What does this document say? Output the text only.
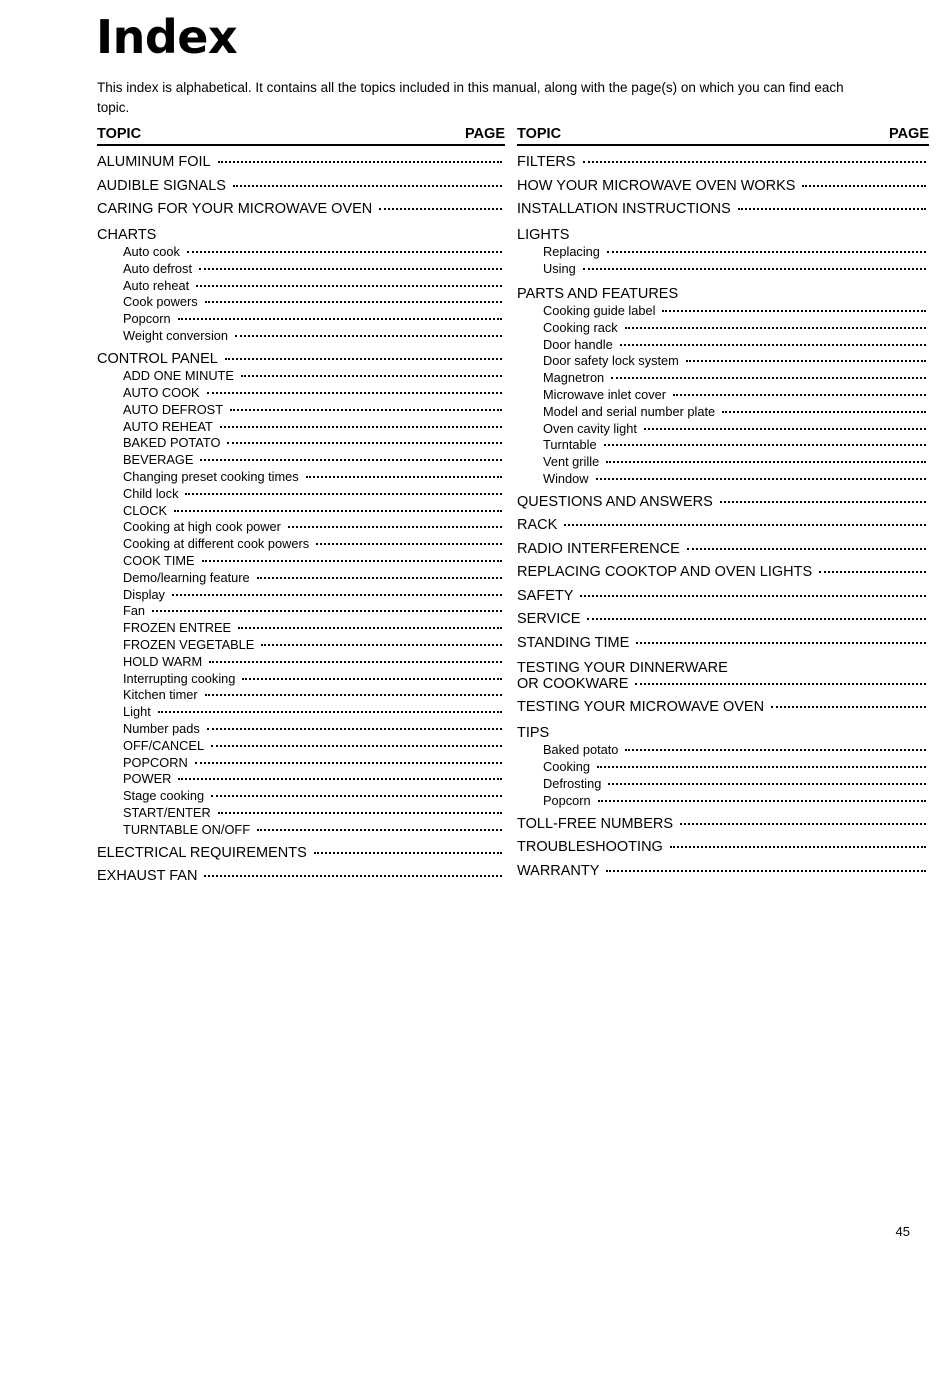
Index
This index is alphabetical. It contains all the topics included in this manual, along with the page(s) on which you can find each topic.
TOPIC	PAGE
ALUMINUM FOIL
AUDIBLE SIGNALS
CARING FOR YOUR MICROWAVE OVEN
CHARTS
Auto cook
Auto defrost
Auto reheat
Cook powers
Popcorn
Weight conversion
CONTROL PANEL
ADD ONE MINUTE
AUTO COOK
AUTO DEFROST
AUTO REHEAT
BAKED POTATO
BEVERAGE
Changing preset cooking times
Child lock
CLOCK
Cooking at high cook power
Cooking at different cook powers
COOK TIME
Demo/learning feature
Display
Fan
FROZEN ENTREE
FROZEN VEGETABLE
HOLD WARM
Interrupting cooking
Kitchen timer
Light
Number pads
OFF/CANCEL
POPCORN
POWER
Stage cooking
START/ENTER
TURNTABLE ON/OFF
ELECTRICAL REQUIREMENTS
EXHAUST FAN
TOPIC	PAGE
FILTERS
HOW YOUR MICROWAVE OVEN WORKS
INSTALLATION INSTRUCTIONS
LIGHTS
Replacing
Using
PARTS AND FEATURES
Cooking guide label
Cooking rack
Door handle
Door safety lock system
Magnetron
Microwave inlet cover
Model and serial number plate
Oven cavity light
Turntable
Vent grille
Window
QUESTIONS AND ANSWERS
RACK
RADIO INTERFERENCE
REPLACING COOKTOP AND OVEN LIGHTS
SAFETY
SERVICE
STANDING TIME
TESTING YOUR DINNERWARE
OR COOKWARE
TESTING YOUR MICROWAVE OVEN
TIPS
Baked potato
Cooking
Defrosting
Popcorn
TOLL-FREE NUMBERS
TROUBLESHOOTING
WARRANTY
45
